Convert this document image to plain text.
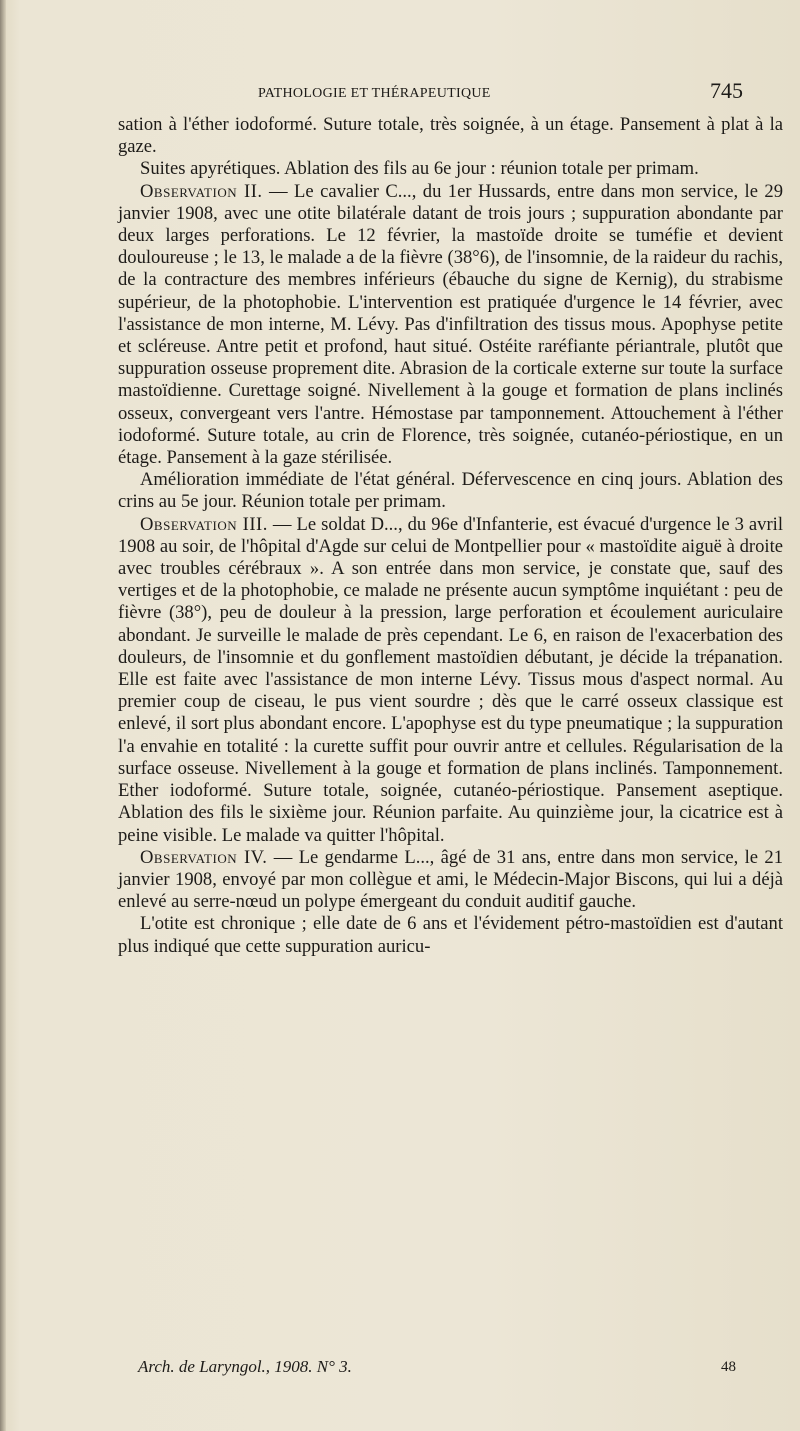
PATHOLOGIE ET THÉRAPEUTIQUE	745

sation à l'éther iodoformé. Suture totale, très soignée, à un étage. Pansement à plat à la gaze.

Suites apyrétiques. Ablation des fils au 6e jour : réunion totale per primam.

Observation II. — Le cavalier C..., du 1er Hussards, entre dans mon service, le 29 janvier 1908, avec une otite bilatérale datant de trois jours ; suppuration abondante par deux larges perforations. Le 12 février, la mastoïde droite se tuméfie et devient douloureuse ; le 13, le malade a de la fièvre (38°6), de l'insomnie, de la raideur du rachis, de la contracture des membres inférieurs (ébauche du signe de Kernig), du strabisme supérieur, de la photophobie. L'intervention est pratiquée d'urgence le 14 février, avec l'assistance de mon interne, M. Lévy. Pas d'infiltration des tissus mous. Apophyse petite et scléreuse. Antre petit et profond, haut situé. Ostéite raréfiante périantrale, plutôt que suppuration osseuse proprement dite. Abrasion de la corticale externe sur toute la surface mastoïdienne. Curettage soigné. Nivellement à la gouge et formation de plans inclinés osseux, convergeant vers l'antre. Hémostase par tamponnement. Attouchement à l'éther iodoformé. Suture totale, au crin de Florence, très soignée, cutanéo-périostique, en un étage. Pansement à la gaze stérilisée.

Amélioration immédiate de l'état général. Défervescence en cinq jours. Ablation des crins au 5e jour. Réunion totale per primam.

Observation III. — Le soldat D..., du 96e d'Infanterie, est évacué d'urgence le 3 avril 1908 au soir, de l'hôpital d'Agde sur celui de Montpellier pour « mastoïdite aiguë à droite avec troubles cérébraux ». A son entrée dans mon service, je constate que, sauf des vertiges et de la photophobie, ce malade ne présente aucun symptôme inquiétant : peu de fièvre (38°), peu de douleur à la pression, large perforation et écoulement auriculaire abondant. Je surveille le malade de près cependant. Le 6, en raison de l'exacerbation des douleurs, de l'insomnie et du gonflement mastoïdien débutant, je décide la trépanation. Elle est faite avec l'assistance de mon interne Lévy. Tissus mous d'aspect normal. Au premier coup de ciseau, le pus vient sourdre ; dès que le carré osseux classique est enlevé, il sort plus abondant encore. L'apophyse est du type pneumatique ; la suppuration l'a envahie en totalité : la curette suffit pour ouvrir antre et cellules. Régularisation de la surface osseuse. Nivellement à la gouge et formation de plans inclinés. Tamponnement. Ether iodoformé. Suture totale, soignée, cutanéo-périostique. Pansement aseptique. Ablation des fils le sixième jour. Réunion parfaite. Au quinzième jour, la cicatrice est à peine visible. Le malade va quitter l'hôpital.

Observation IV. — Le gendarme L..., âgé de 31 ans, entre dans mon service, le 21 janvier 1908, envoyé par mon collègue et ami, le Médecin-Major Biscons, qui lui a déjà enlevé au serre-nœud un polype émergeant du conduit auditif gauche.

L'otite est chronique ; elle date de 6 ans et l'évidement pétro-mastoïdien est d'autant plus indiqué que cette suppuration auricu-

Arch. de Laryngol., 1908. N° 3.	48
